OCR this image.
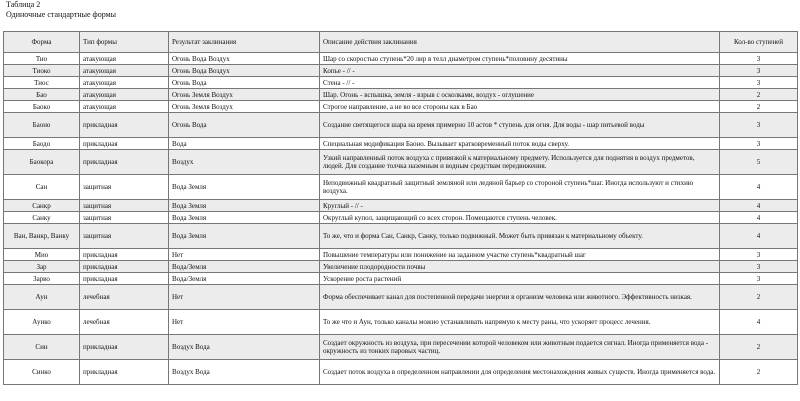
Таблица 2
Одиночные стандартные формы
Форма	Тип формы	Результат заклинания	Описание действия заклинания	Кол-во ступеней
Тио	атакующая	Огонь Вода Воздух	Шар со скоростью ступень*20 лир в телл диаметром ступень*половину десятины	3
Тиоко	атакующая	Огонь Вода Воздух	Копье - // -	3
Тиос	атакующая	Огонь Вода	Стена - // -	3
Бао	атакующая	Огонь Земля Воздух	Шар. Огонь - вспышка, земля - взрыв с осколками, воздух - оглушение	2
Баоко	атакующая	Огонь Земля Воздух	Строгое направление, а не во все стороны как в Бао	2
Баоно	прикладная	Огонь Вода	Создание светящегося шара на время примерно 10 астов * ступень для огня. Для воды - шар питьевой воды	3
Баодо	прикладная	Вода	Специальная модификация Баоно. Вызывает кратковременный поток воды сверху.	3
Баокора	прикладная	Воздух	Узкий направленный поток воздуха с привязкой к материальному предмету. Используется для поднятия в воздух предметов, людей. Для создание толчка наземным и водным средствам передвижения.	5
Сан	защитная	Вода Земля	Неподвижный квадратный защитный земляной или ледяной барьер со стороной ступень*шаг. Иногда используют и стихию воздуха.	4
Санкр	защитная	Вода Земля	Круглый - // -	4
Санку	защитная	Вода Земля	Округлый купол, защищающий со всех сторон. Помещаются ступень человек.	4
Ван, Ванкр, Ванку	защитная	Вода Земля	То же, что и форма Сан, Санкр, Санку, только подвижный. Может быть привязан к материальному объекту.	4
Мио	прикладная	Нет	Повышение температуры или понижение на заданном участке ступень*квадратный шаг	3
Зар	прикладная	Вода/Земля	Увеличение плодородности почвы	3
Зарво	прикладная	Вода/Земля	Ускорение роста растений	3
Аун	лечебная	Нет	Форма обеспечивает канал для постепенной передачи энергии в организм человека или животного. Эффективность низкая.	2
Ауико	лечебная	Нет	То же что и Аун, только каналы можно устанавливать напрямую к месту раны, что ускоряет процесс лечения.	4
Син	прикладная	Воздух Вода	Создает окружность из воздуха, при пересечении которой человеком или животным подается сигнал. Иногда применяется вода - окружность из тонких паровых частиц.	2
Синко	прикладная	Воздух Вода	Создает поток воздуха в определенном направлении для определения местонахождения живых существ. Иногда применяется вода.	2
